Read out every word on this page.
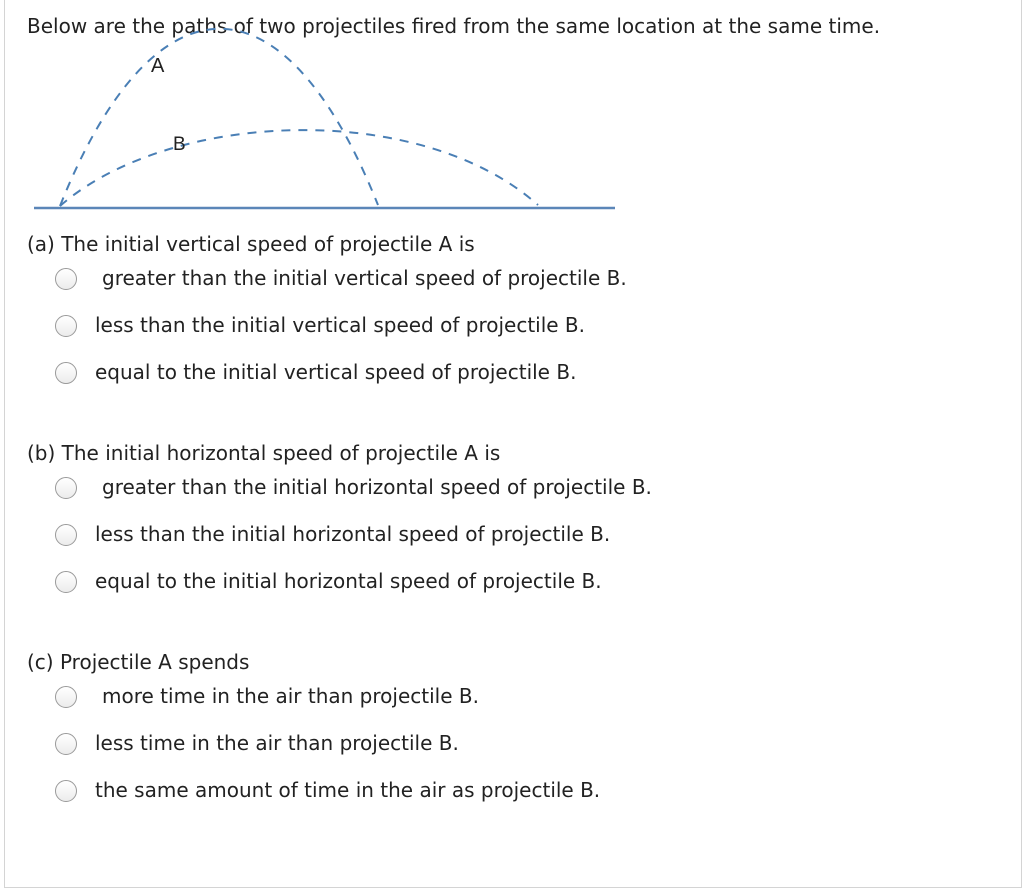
Below are the paths of two projectiles fired from the same location at the same time.
A
B
(a) The initial vertical speed of projectile A is
greater than the initial vertical speed of projectile B.
less than the initial vertical speed of projectile B.
equal to the initial vertical speed of projectile B.
(b) The initial horizontal speed of projectile A is
greater than the initial horizontal speed of projectile B.
less than the initial horizontal speed of projectile B.
equal to the initial horizontal speed of projectile B.
(c) Projectile A spends
more time in the air than projectile B.
less time in the air than projectile B.
the same amount of time in the air as projectile B.
